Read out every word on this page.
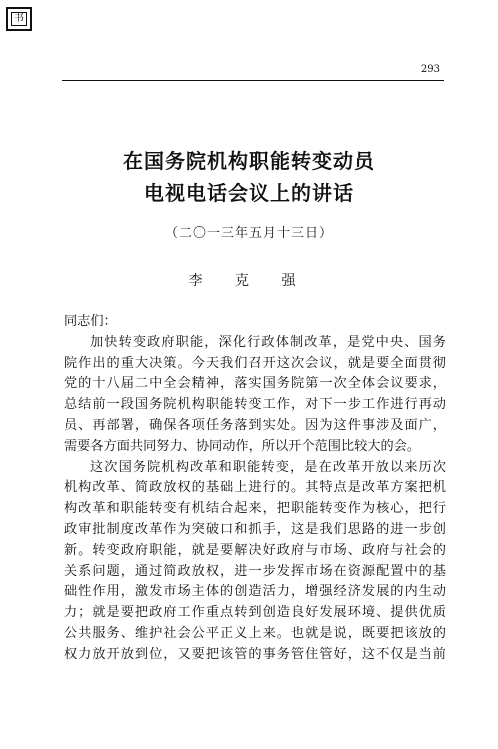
书
293
在国务院机构职能转变动员
电视电话会议上的讲话
（二〇一三年五月十三日）
李 克 强
同志们：
加快转变政府职能，深化行政体制改革，是党中央、国务
院作出的重大决策。今天我们召开这次会议，就是要全面贯彻
党的十八届二中全会精神，落实国务院第一次全体会议要求，
总结前一段国务院机构职能转变工作，对下一步工作进行再动
员、再部署，确保各项任务落到实处。因为这件事涉及面广，
需要各方面共同努力、协同动作，所以开个范围比较大的会。
这次国务院机构改革和职能转变，是在改革开放以来历次
机构改革、简政放权的基础上进行的。其特点是改革方案把机
构改革和职能转变有机结合起来，把职能转变作为核心，把行
政审批制度改革作为突破口和抓手，这是我们思路的进一步创
新。转变政府职能，就是要解决好政府与市场、政府与社会的
关系问题，通过简政放权，进一步发挥市场在资源配置中的基
础性作用，激发市场主体的创造活力，增强经济发展的内生动
力；就是要把政府工作重点转到创造良好发展环境、提供优质
公共服务、维护社会公平正义上来。也就是说，既要把该放的
权力放开放到位，又要把该管的事务管住管好，这不仅是当前
